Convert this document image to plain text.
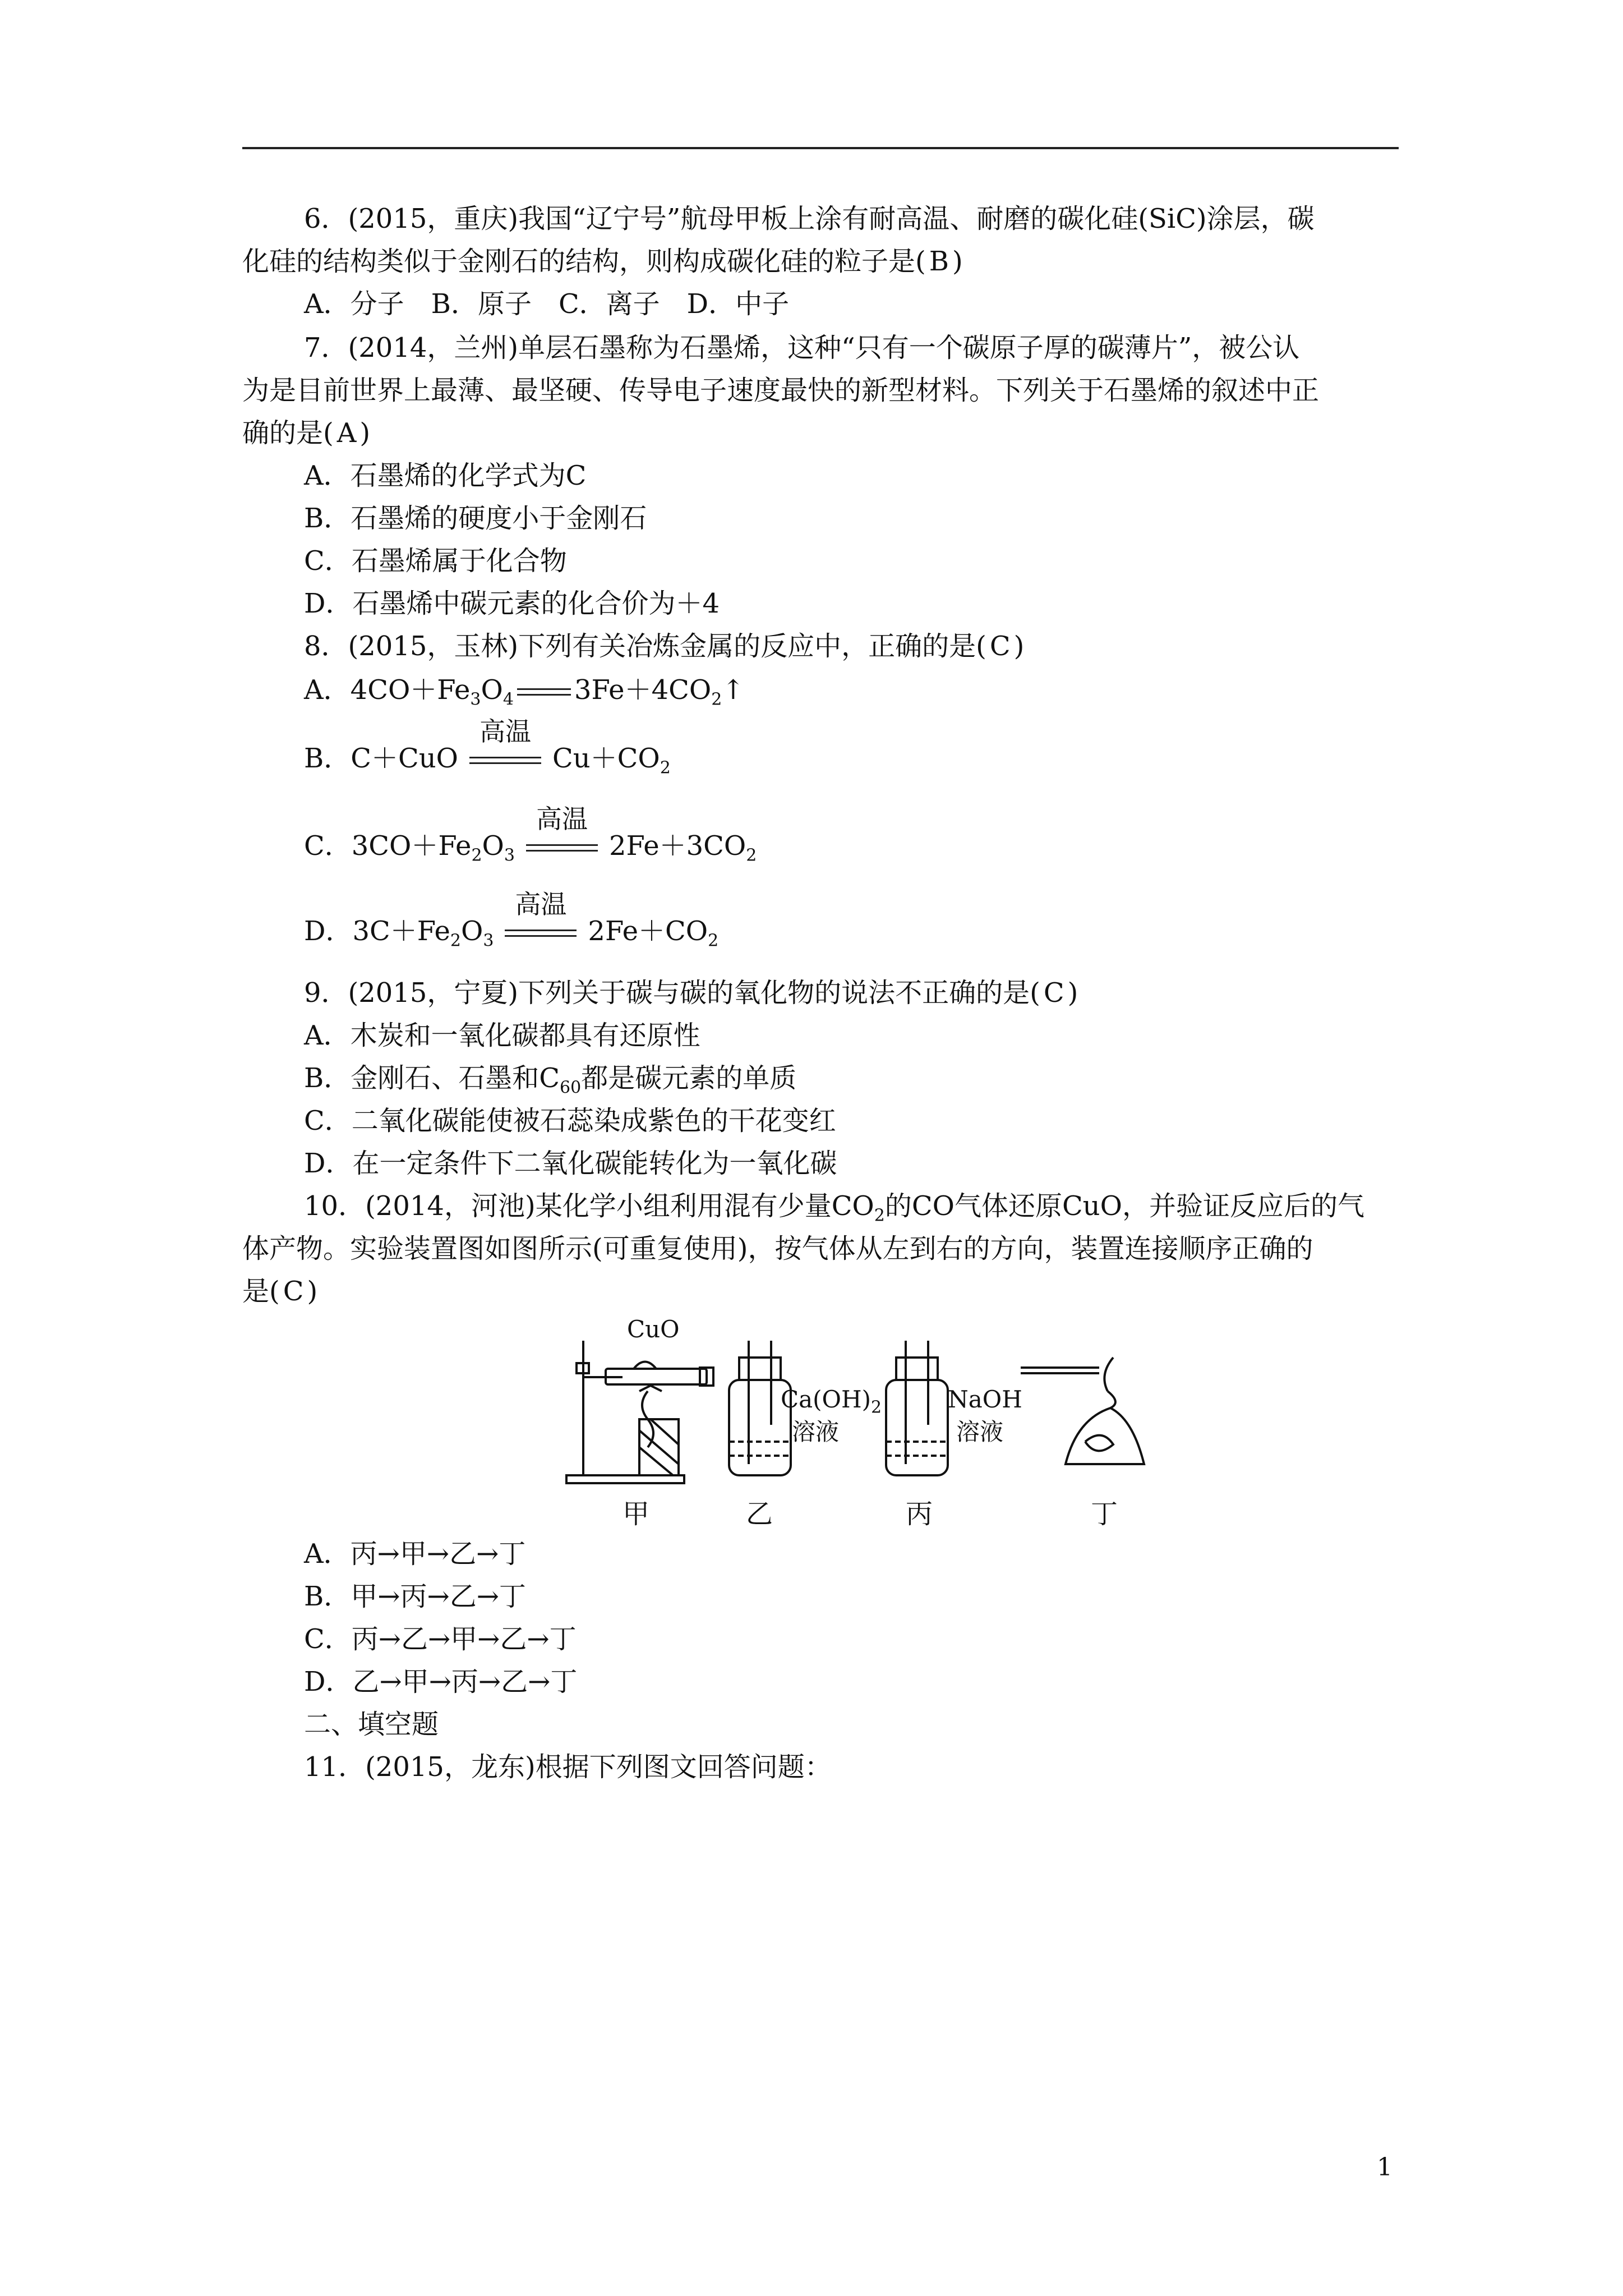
6．(2015，重庆)我国“辽宁号”航母甲板上涂有耐高温、耐磨的碳化硅(SiC)涂层，碳
化硅的结构类似于金刚石的结构，则构成碳化硅的粒子是( B )
A．分子　B．原子　C．离子　D．中子
7．(2014，兰州)单层石墨称为石墨烯，这种“只有一个碳原子厚的碳薄片”，被公认
为是目前世界上最薄、最坚硬、传导电子速度最快的新型材料。下列关于石墨烯的叙述中正
确的是( A )
A．石墨烯的化学式为C
B．石墨烯的硬度小于金刚石
C．石墨烯属于化合物
D．石墨烯中碳元素的化合价为＋4
8．(2015，玉林)下列有关冶炼金属的反应中，正确的是( C )
A．$4CO+Fe_3O_4$ $3Fe+4CO_2↑$
B．C＋CuO
高温
$Cu+CO_2$
C．$3CO+Fe_2O_3$
高温
$2Fe+3CO_2$
D．$3C+Fe_2O_3$
高温
$2Fe+CO_2$
9．(2015，宁夏)下列关于碳与碳的氧化物的说法不正确的是( C )
A．木炭和一氧化碳都具有还原性
B．金刚石、石墨和$C_{60}$都是碳元素的单质
C．二氧化碳能使被石蕊染成紫色的干花变红
D．在一定条件下二氧化碳能转化为一氧化碳
10．(2014，河池)某化学小组利用混有少量$CO_2$的CO气体还原CuO，并验证反应后的气
体产物。实验装置图如图所示(可重复使用)，按气体从左到右的方向，装置连接顺序正确的
是( C )
CuO
$Ca(OH)_2$
溶液
NaOH
溶液
甲	乙	丙	丁
A．丙→甲→乙→丁
B．甲→丙→乙→丁
C．丙→乙→甲→乙→丁
D．乙→甲→丙→乙→丁
二、填空题
11．(2015，龙东)根据下列图文回答问题：
1
